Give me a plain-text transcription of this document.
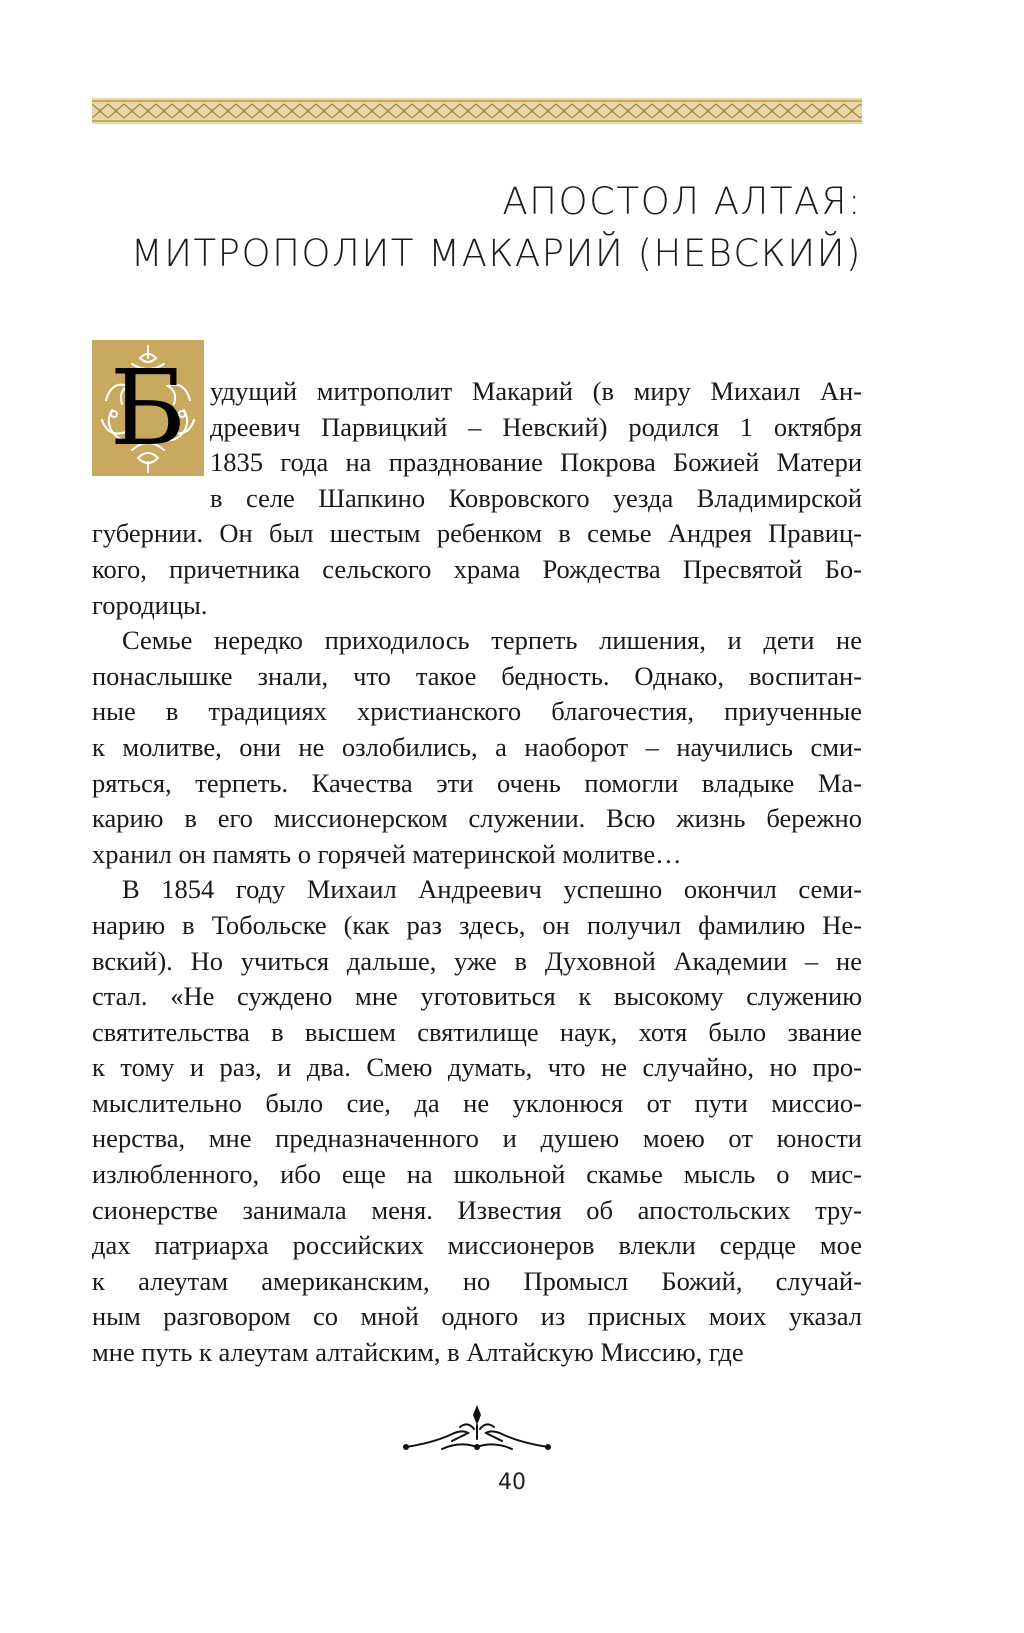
АПОСТОЛ АЛТАЯ:
МИТРОПОЛИТ МАКАРИЙ (НЕВСКИЙ)
Б удущий митрополит Макарий (в миру Михаил Ан-
дреевич Парвицкий – Невский) родился 1 октября
1835 года на празднование Покрова Божией Матери
в селе Шапкино Ковровского уезда Владимирской
губернии. Он был шестым ребенком в семье Андрея Правиц-
кого, причетника сельского храма Рождества Пресвятой Бо-
городицы.
Семье нередко приходилось терпеть лишения, и дети не
понаслышке знали, что такое бедность. Однако, воспитан-
ные в традициях христианского благочестия, приученные
к молитве, они не озлобились, а наоборот – научились сми-
ряться, терпеть. Качества эти очень помогли владыке Ма-
карию в его миссионерском служении. Всю жизнь бережно
хранил он память о горячей материнской молитве…
В 1854 году Михаил Андреевич успешно окончил семи-
нарию в Тобольске (как раз здесь, он получил фамилию Не-
вский). Но учиться дальше, уже в Духовной Академии – не
стал. «Не суждено мне уготовиться к высокому служению
святительства в высшем святилище наук, хотя было звание
к тому и раз, и два. Смею думать, что не случайно, но про-
мыслительно было сие, да не уклонюся от пути миссио-
нерства, мне предназначенного и душею моею от юности
излюбленного, ибо еще на школьной скамье мысль о мис-
сионерстве занимала меня. Известия об апостольских тру-
дах патриарха российских миссионеров влекли сердце мое
к алеутам американским, но Промысл Божий, случай-
ным разговором со мной одного из присных моих указал
мне путь к алеутам алтайским, в Алтайскую Миссию, где
40
